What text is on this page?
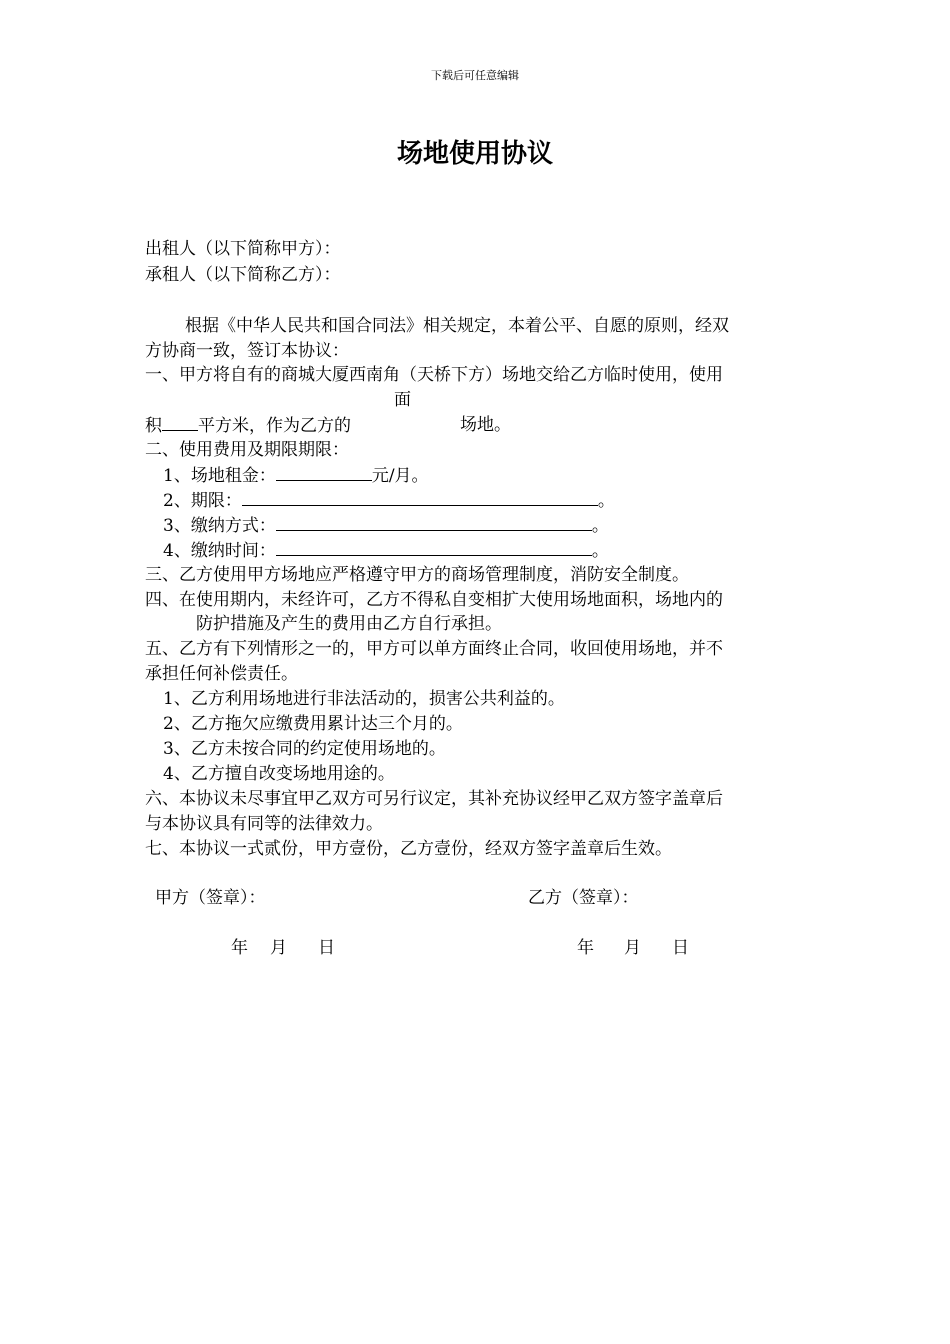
下载后可任意编辑
场地使用协议
出租人（以下简称甲方）：
承租人（以下简称乙方）：
根据《中华人民共和国合同法》相关规定，本着公平、自愿的原则，经双
方协商一致，签订本协议：
一、甲方将自有的商城大厦西南角（天桥下方）场地交给乙方临时使用，使用
面
积 平方米，作为乙方的	场地。
二、使用费用及期限期限：
1、场地租金：	元/月。
2、期限：	。
3、缴纳方式：	。
4、缴纳时间：	。
三、乙方使用甲方场地应严格遵守甲方的商场管理制度，消防安全制度。
四、在使用期内，未经许可，乙方不得私自变相扩大使用场地面积，场地内的
防护措施及产生的费用由乙方自行承担。
五、乙方有下列情形之一的，甲方可以单方面终止合同，收回使用场地，并不
承担任何补偿责任。
1、乙方利用场地进行非法活动的，损害公共利益的。
2、乙方拖欠应缴费用累计达三个月的。
3、乙方未按合同的约定使用场地的。
4、乙方擅自改变场地用途的。
六、本协议未尽事宜甲乙双方可另行议定，其补充协议经甲乙双方签字盖章后
与本协议具有同等的法律效力。
七、本协议一式贰份，甲方壹份，乙方壹份，经双方签字盖章后生效。
甲方（签章）：	乙方（签章）：
年 月 日	年 月 日
